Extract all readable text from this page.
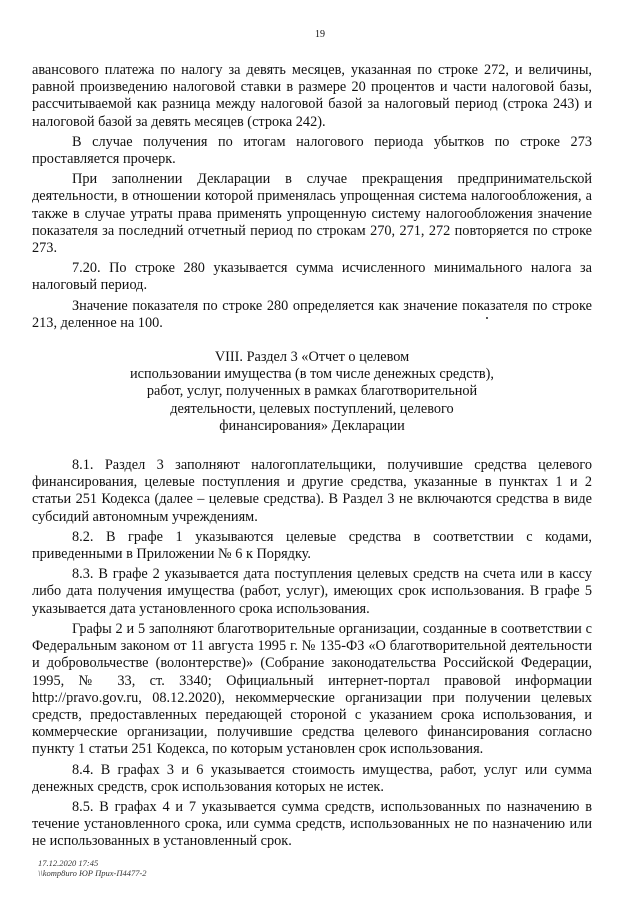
19

авансового платежа по налогу за девять месяцев, указанная по строке 272, и величины, равной произведению налоговой ставки в размере 20 процентов и части налоговой базы, рассчитываемой как разница между налоговой базой за налоговый период (строка 243) и налоговой базой за девять месяцев (строка 242).

В случае получения по итогам налогового периода убытков по строке 273 проставляется прочерк.

При заполнении Декларации в случае прекращения предпринимательской деятельности, в отношении которой применялась упрощенная система налогообложения, а также в случае утраты права применять упрощенную систему налогообложения значение показателя за последний отчетный период по строкам 270, 271, 272 повторяется по строке 273.

7.20. По строке 280 указывается сумма исчисленного минимального налога за налоговый период.

Значение показателя по строке 280 определяется как значение показателя по строке 213, деленное на 100.

VIII. Раздел 3 «Отчет о целевом
использовании имущества (в том числе денежных средств),
работ, услуг, полученных в рамках благотворительной
деятельности, целевых поступлений, целевого
финансирования» Декларации

8.1. Раздел 3 заполняют налогоплательщики, получившие средства целевого финансирования, целевые поступления и другие средства, указанные в пунктах 1 и 2 статьи 251 Кодекса (далее – целевые средства). В Раздел 3 не включаются средства в виде субсидий автономным учреждениям.

8.2. В графе 1 указываются целевые средства в соответствии с кодами, приведенными в Приложении № 6 к Порядку.

8.3. В графе 2 указывается дата поступления целевых средств на счета или в кассу либо дата получения имущества (работ, услуг), имеющих срок использования. В графе 5 указывается дата установленного срока использования.

Графы 2 и 5 заполняют благотворительные организации, созданные в соответствии с Федеральным законом от 11 августа 1995 г. № 135-ФЗ «О благотворительной деятельности и добровольчестве (волонтерстве)» (Собрание законодательства Российской Федерации, 1995, № 33, ст. 3340; Официальный интернет-портал правовой информации http://pravo.gov.ru, 08.12.2020), некоммерческие организации при получении целевых средств, предоставленных передающей стороной с указанием срока использования, и коммерческие организации, получившие средства целевого финансирования согласно пункту 1 статьи 251 Кодекса, по которым установлен срок использования.

8.4. В графах 3 и 6 указывается стоимость имущества, работ, услуг или сумма денежных средств, срок использования которых не истек.

8.5. В графах 4 и 7 указывается сумма средств, использованных по назначению в течение установленного срока, или сумма средств, использованных не по назначению или не использованных в установленный срок.

17.12.2020 17:45
\\komp8uro ЮР Приx-П4477-2
